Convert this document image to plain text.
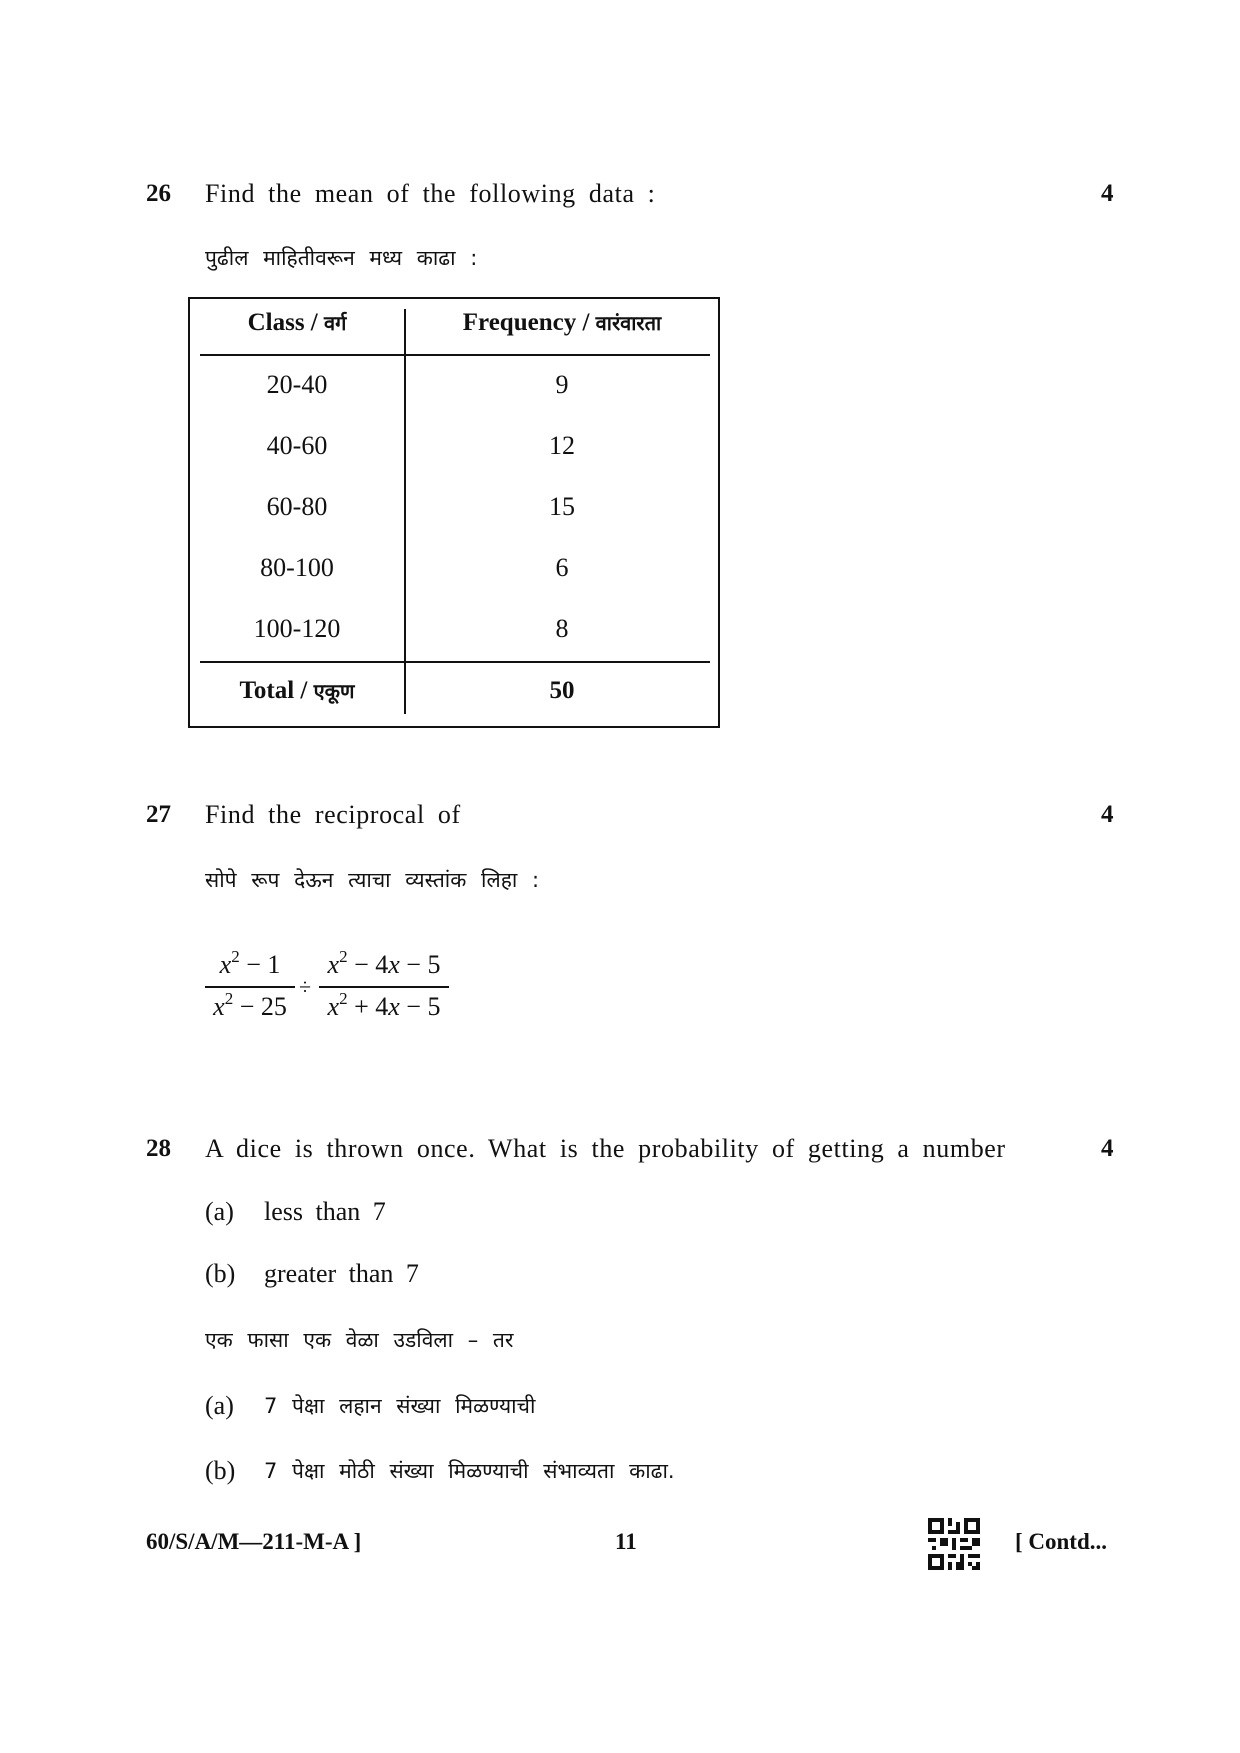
26 Find the mean of the following data :	4
पुढील माहितीवरून मध्य काढा :
Class / वर्ग	Frequency / वारंवारता
20-40	9
40-60	12
60-80	15
80-100	6
100-120	8
Total / एकूण	50
27 Find the reciprocal of	4
सोपे रूप देऊन त्याचा व्यस्तांक लिहा :
$x^2 - 1$
$x^2 - 25$
÷
$x^2 - 4x - 5$
$x^2 + 4x - 5$
28 A dice is thrown once. What is the probability of getting a number	4
(a) less than 7
(b) greater than 7
एक फासा एक वेळा उडविला – तर
(a) 7 पेक्षा लहान संख्या मिळण्याची
(b) 7 पेक्षा मोठी संख्या मिळण्याची संभाव्यता काढा.
60/S/A/M—211-M-A ]	11	[ Contd...
